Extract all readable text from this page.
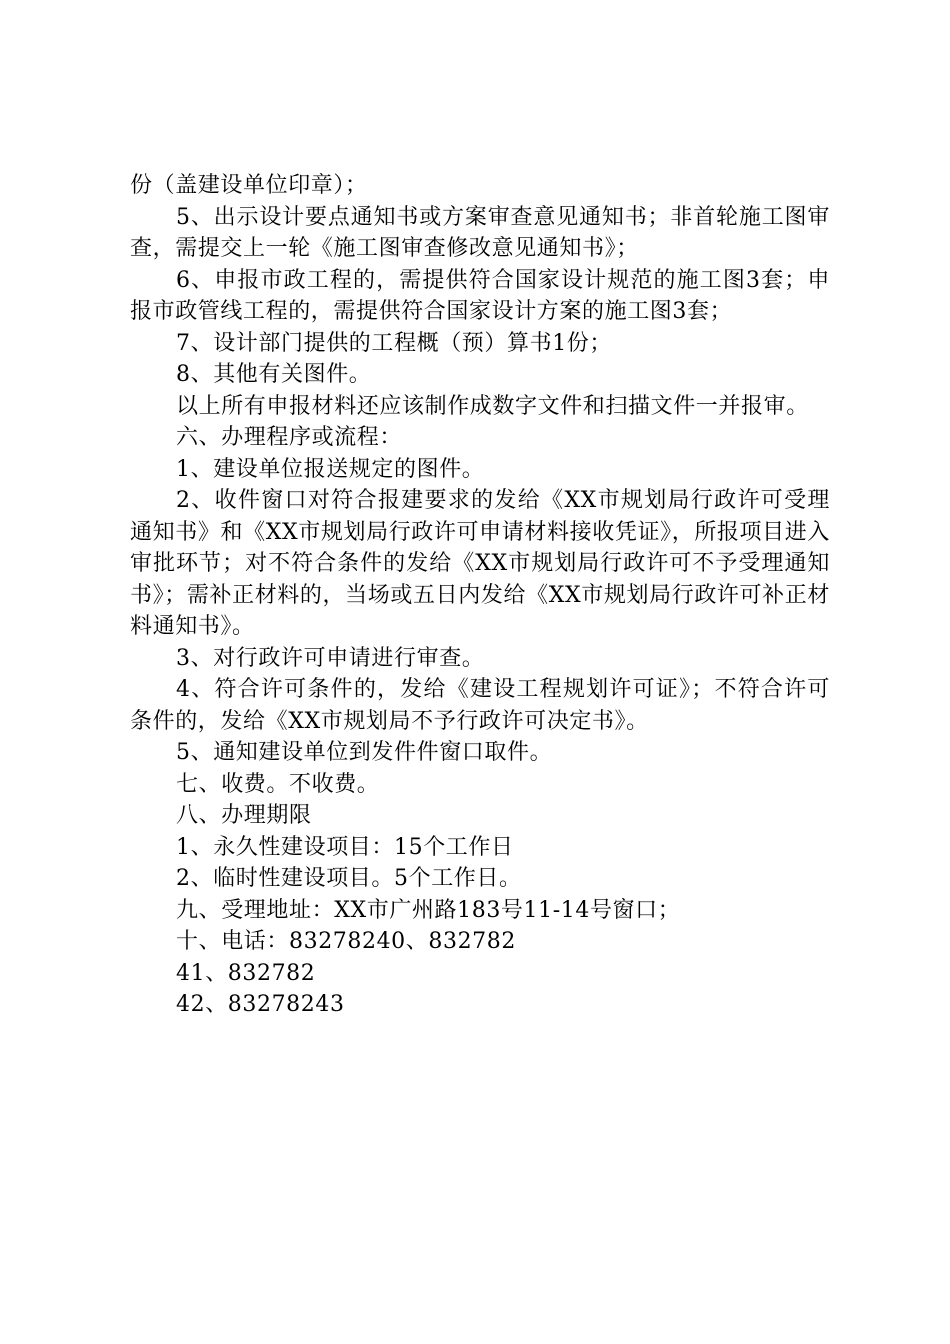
份（盖建设单位印章）；

5、出示设计要点通知书或方案审查意见通知书；非首轮施工图审查，需提交上一轮《施工图审查修改意见通知书》；

6、申报市政工程的，需提供符合国家设计规范的施工图3套；申报市政管线工程的，需提供符合国家设计方案的施工图3套；

7、设计部门提供的工程概（预）算书1份；

8、其他有关图件。

以上所有申报材料还应该制作成数字文件和扫描文件一并报审。

六、办理程序或流程：

1、建设单位报送规定的图件。

2、收件窗口对符合报建要求的发给《XX市规划局行政许可受理通知书》和《XX市规划局行政许可申请材料接收凭证》，所报项目进入审批环节；对不符合条件的发给《XX市规划局行政许可不予受理通知书》；需补正材料的，当场或五日内发给《XX市规划局行政许可补正材料通知书》。

3、对行政许可申请进行审查。

4、符合许可条件的，发给《建设工程规划许可证》；不符合许可条件的，发给《XX市规划局不予行政许可决定书》。

5、通知建设单位到发件件窗口取件。

七、收费。不收费。

八、办理期限

1、永久性建设项目：15个工作日

2、临时性建设项目。5个工作日。

九、受理地址：XX市广州路183号11-14号窗口；

十、电话：83278240、832782

41、832782

42、83278243
